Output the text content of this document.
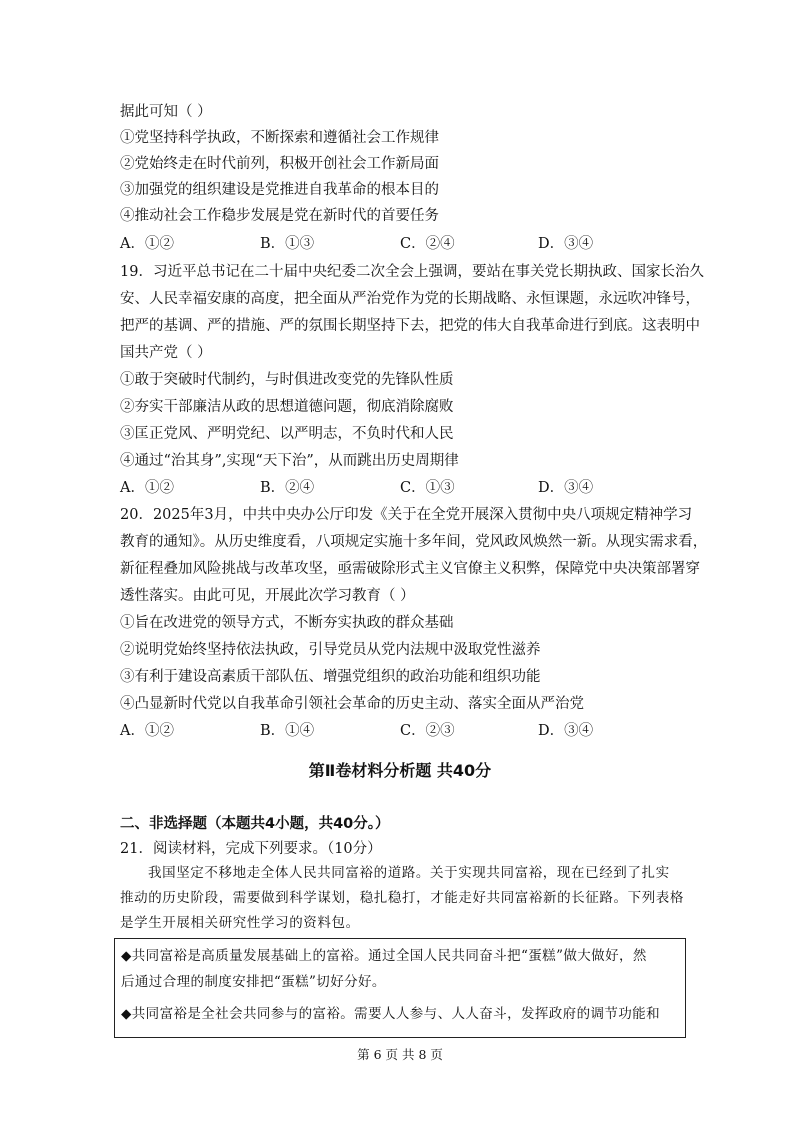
据此可知（ ）
①党坚持科学执政，不断探索和遵循社会工作规律
②党始终走在时代前列，积极开创社会工作新局面
③加强党的组织建设是党推进自我革命的根本目的
④推动社会工作稳步发展是党在新时代的首要任务
A．①②	B．①③	C．②④	D．③④
19．习近平总书记在二十届中央纪委二次全会上强调，要站在事关党长期执政、国家长治久
安、人民幸福安康的高度，把全面从严治党作为党的长期战略、永恒课题，永远吹冲锋号，
把严的基调、严的措施、严的氛围长期坚持下去，把党的伟大自我革命进行到底。这表明中
国共产党（ ）
①敢于突破时代制约，与时俱进改变党的先锋队性质
②夯实干部廉洁从政的思想道德问题，彻底消除腐败
③匡正党风、严明党纪、以严明志，不负时代和人民
④通过“治其身”,实现“天下治”，从而跳出历史周期律
A．①②	B．②④	C．①③	D．③④
20．2025年3月，中共中央办公厅印发《关于在全党开展深入贯彻中央八项规定精神学习
教育的通知》。从历史维度看，八项规定实施十多年间，党风政风焕然一新。从现实需求看，
新征程叠加风险挑战与改革攻坚，亟需破除形式主义官僚主义积弊，保障党中央决策部署穿
透性落实。由此可见，开展此次学习教育（ ）
①旨在改进党的领导方式，不断夯实执政的群众基础
②说明党始终坚持依法执政，引导党员从党内法规中汲取党性滋养
③有利于建设高素质干部队伍、增强党组织的政治功能和组织功能
④凸显新时代党以自我革命引领社会革命的历史主动、落实全面从严治党
A．①②	B．①④	C．②③	D．③④
第Ⅱ卷材料分析题 共40分
二、非选择题（本题共4小题，共40分。）
21．阅读材料，完成下列要求。（10分）
我国坚定不移地走全体人民共同富裕的道路。关于实现共同富裕，现在已经到了扎实
推动的历史阶段，需要做到科学谋划，稳扎稳打，才能走好共同富裕新的长征路。下列表格
是学生开展相关研究性学习的资料包。
◆共同富裕是高质量发展基础上的富裕。通过全国人民共同奋斗把“蛋糕”做大做好，然
后通过合理的制度安排把“蛋糕”切好分好。
◆共同富裕是全社会共同参与的富裕。需要人人参与、人人奋斗，发挥政府的调节功能和
第 6 页 共 8 页
